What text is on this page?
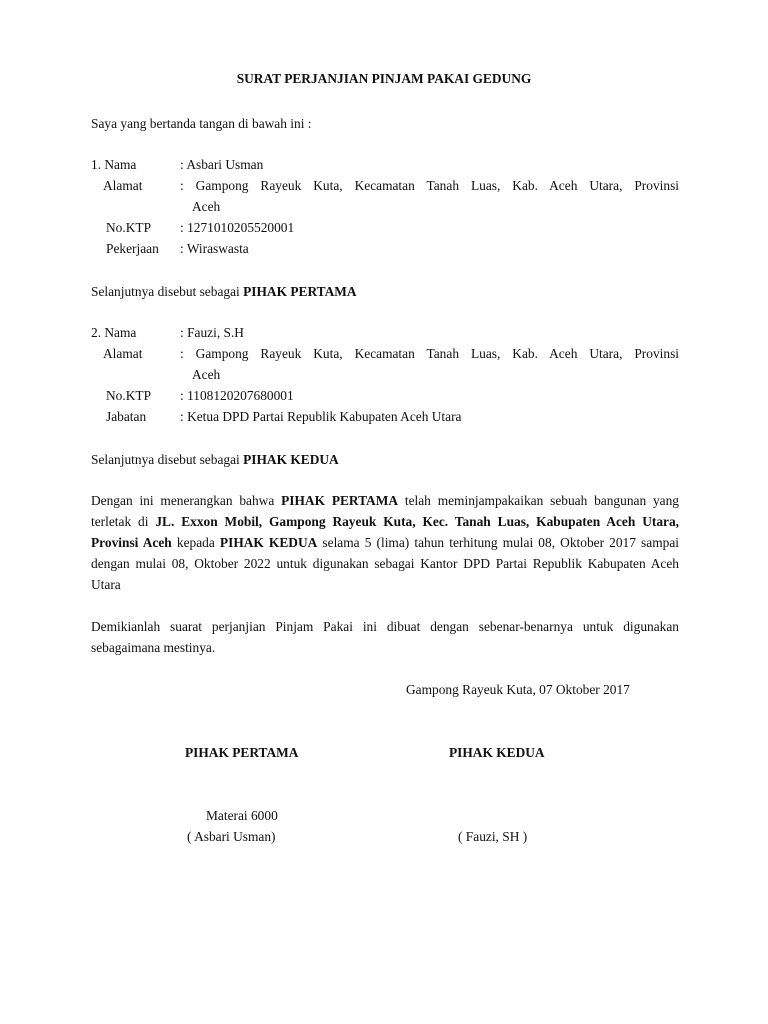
SURAT PERJANJIAN PINJAM PAKAI GEDUNG
Saya yang bertanda tangan di bawah ini :
1. Nama	: Asbari Usman
Alamat	: Gampong Rayeuk Kuta, Kecamatan Tanah Luas, Kab. Aceh Utara, Provinsi
Aceh
No.KTP : 1271010205520001
Pekerjaan : Wiraswasta
Selanjutnya disebut sebagai PIHAK PERTAMA
2. Nama	: Fauzi, S.H
Alamat	: Gampong Rayeuk Kuta, Kecamatan Tanah Luas, Kab. Aceh Utara, Provinsi
Aceh
No.KTP : 1108120207680001
Jabatan	: Ketua DPD Partai Republik Kabupaten Aceh Utara
Selanjutnya disebut sebagai PIHAK KEDUA
Dengan ini menerangkan bahwa PIHAK PERTAMA telah meminjampakaikan sebuah bangunan yang terletak di JL. Exxon Mobil, Gampong Rayeuk Kuta, Kec. Tanah Luas, Kabupaten Aceh Utara, Provinsi Aceh kepada PIHAK KEDUA selama 5 (lima) tahun terhitung mulai 08, Oktober 2017 sampai dengan mulai 08, Oktober 2022 untuk digunakan sebagai Kantor DPD Partai Republik Kabupaten Aceh Utara
Demikianlah suarat perjanjian Pinjam Pakai ini dibuat dengan sebenar-benarnya untuk digunakan sebagaimana mestinya.
Gampong Rayeuk Kuta, 07 Oktober 2017
PIHAK PERTAMA	PIHAK KEDUA
Materai 6000
( Asbari Usman)	( Fauzi, SH )
